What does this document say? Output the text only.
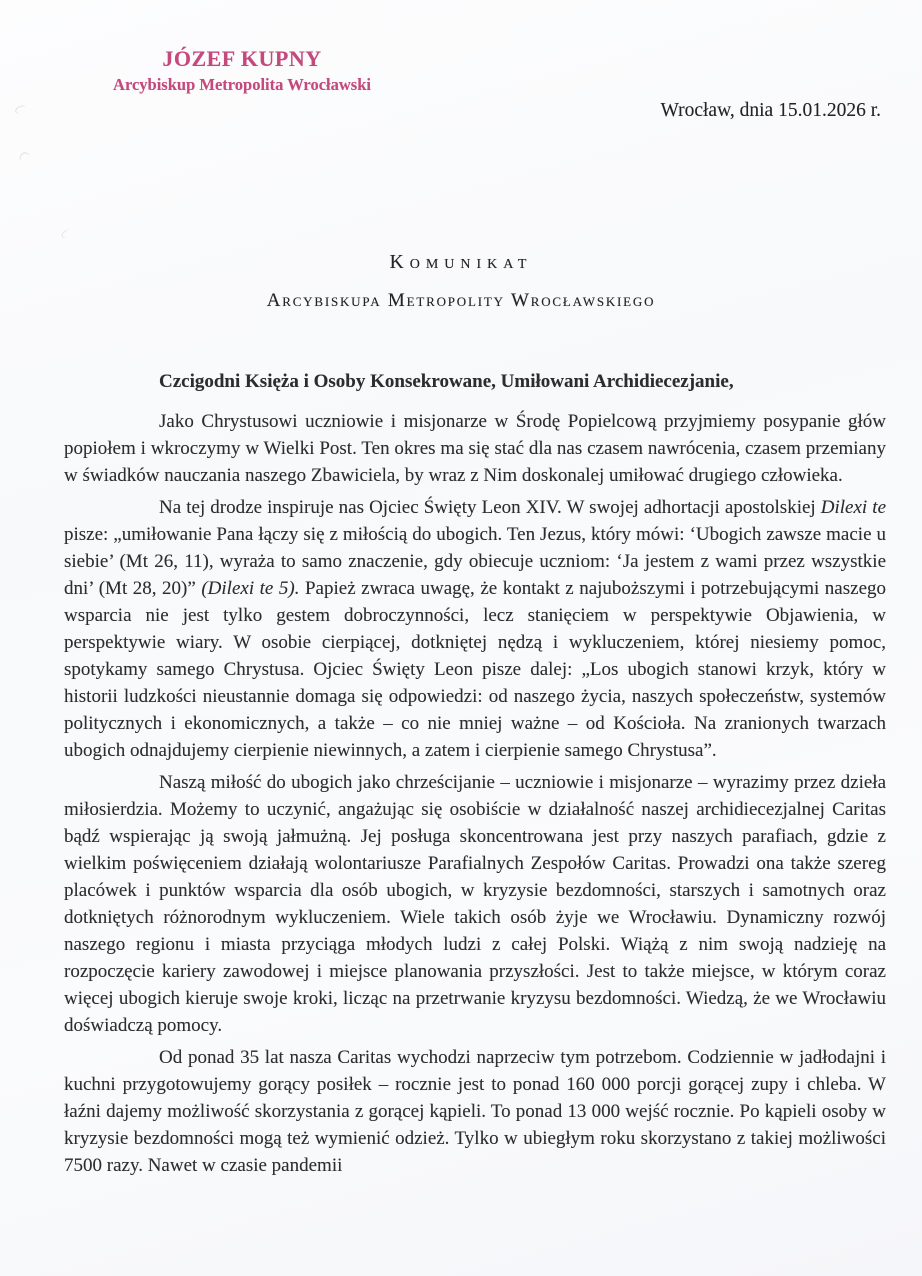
JÓZEF KUPNY
Arcybiskup Metropolita Wrocławski
Wrocław, dnia 15.01.2026 r.
Komunikat
Arcybiskupa Metropolity Wrocławskiego

Czcigodni Księża i Osoby Konsekrowane, Umiłowani Archidiecezjanie,

Jako Chrystusowi uczniowie i misjonarze w Środę Popielcową przyjmiemy posypanie głów popiołem i wkroczymy w Wielki Post. Ten okres ma się stać dla nas czasem nawrócenia, czasem przemiany w świadków nauczania naszego Zbawiciela, by wraz z Nim doskonalej umiłować drugiego człowieka.

Na tej drodze inspiruje nas Ojciec Święty Leon XIV. W swojej adhortacji apostolskiej Dilexi te pisze: „umiłowanie Pana łączy się z miłością do ubogich. Ten Jezus, który mówi: ‘Ubogich zawsze macie u siebie’ (Mt 26, 11), wyraża to samo znaczenie, gdy obiecuje uczniom: ‘Ja jestem z wami przez wszystkie dni’ (Mt 28, 20)” (Dilexi te 5). Papież zwraca uwagę, że kontakt z najuboższymi i potrzebującymi naszego wsparcia nie jest tylko gestem dobroczynności, lecz stanięciem w perspektywie Objawienia, w perspektywie wiary. W osobie cierpiącej, dotkniętej nędzą i wykluczeniem, której niesiemy pomoc, spotykamy samego Chrystusa. Ojciec Święty Leon pisze dalej: „Los ubogich stanowi krzyk, który w historii ludzkości nieustannie domaga się odpowiedzi: od naszego życia, naszych społeczeństw, systemów politycznych i ekonomicznych, a także – co nie mniej ważne – od Kościoła. Na zranionych twarzach ubogich odnajdujemy cierpienie niewinnych, a zatem i cierpienie samego Chrystusa”.

Naszą miłość do ubogich jako chrześcijanie – uczniowie i misjonarze – wyrazimy przez dzieła miłosierdzia. Możemy to uczynić, angażując się osobiście w działalność naszej archidiecezjalnej Caritas bądź wspierając ją swoją jałmużną. Jej posługa skoncentrowana jest przy naszych parafiach, gdzie z wielkim poświęceniem działają wolontariusze Parafialnych Zespołów Caritas. Prowadzi ona także szereg placówek i punktów wsparcia dla osób ubogich, w kryzysie bezdomności, starszych i samotnych oraz dotkniętych różnorodnym wykluczeniem. Wiele takich osób żyje we Wrocławiu. Dynamiczny rozwój naszego regionu i miasta przyciąga młodych ludzi z całej Polski. Wiążą z nim swoją nadzieję na rozpoczęcie kariery zawodowej i miejsce planowania przyszłości. Jest to także miejsce, w którym coraz więcej ubogich kieruje swoje kroki, licząc na przetrwanie kryzysu bezdomności. Wiedzą, że we Wrocławiu doświadczą pomocy.

Od ponad 35 lat nasza Caritas wychodzi naprzeciw tym potrzebom. Codziennie w jadłodajni i kuchni przygotowujemy gorący posiłek – rocznie jest to ponad 160 000 porcji gorącej zupy i chleba. W łaźni dajemy możliwość skorzystania z gorącej kąpieli. To ponad 13 000 wejść rocznie. Po kąpieli osoby w kryzysie bezdomności mogą też wymienić odzież. Tylko w ubiegłym roku skorzystano z takiej możliwości 7500 razy. Nawet w czasie pandemii
